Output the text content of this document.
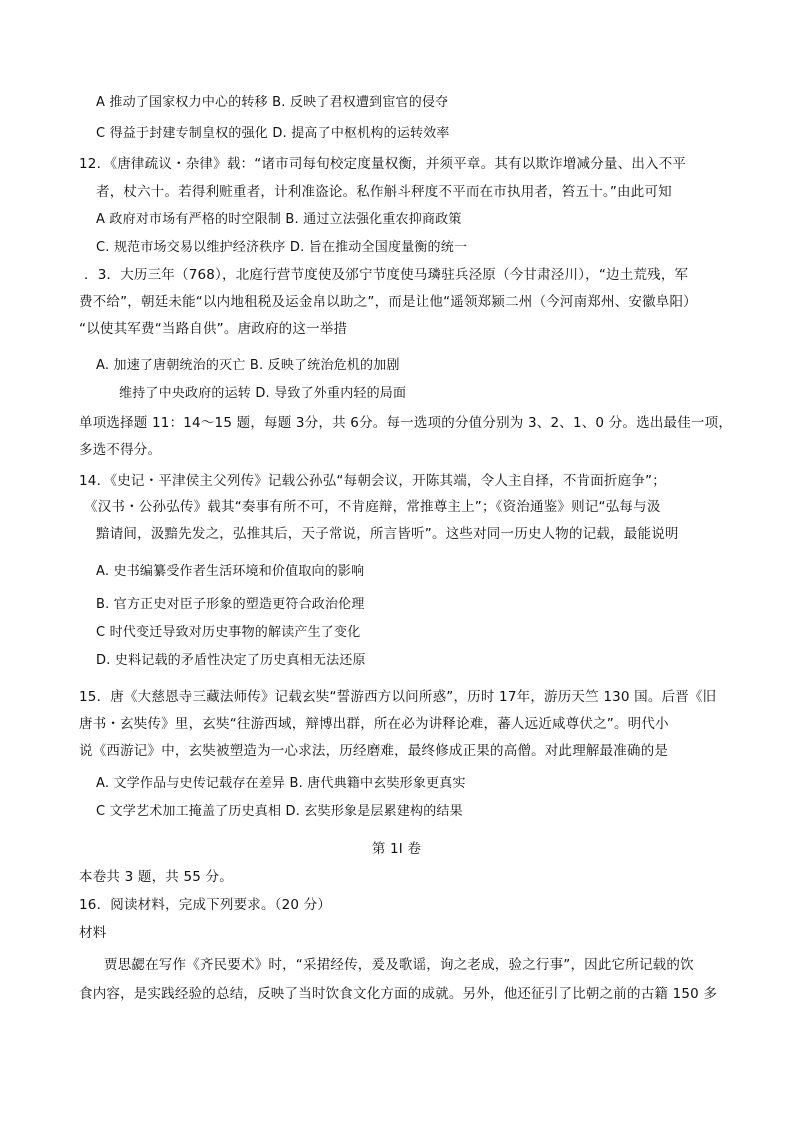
A 推动了国家权力中心的转移 B. 反映了君权遭到宦官的侵夺
C 得益于封建专制皇权的强化 D. 提高了中枢机构的运转效率
12．《唐律疏议・杂律》载：“诸市司每旬校定度量权衡，并须平章。其有以欺诈增减分量、出入不平
者，杖六十。若得利赃重者，计利准盗论。私作斛斗秤度不平而在市执用者，笞五十。”由此可知
A 政府对市场有严格的时空限制 B. 通过立法强化重农抑商政策
C. 规范市场交易以维护经济秩序 D. 旨在推动全国度量衡的统一
．3．大历三年（768），北庭行营节度使及邠宁节度使马璘驻兵泾原（今甘肃泾川），“边土荒残，军
费不给”，朝廷未能“以内地租税及运金帛以助之”，而是让他“遥领郑颍二州（今河南郑州、安徽阜阳）
“以使其军费“当路自供”。唐政府的这一举措
A. 加速了唐朝统治的灭亡 B. 反映了统治危机的加剧
维持了中央政府的运转 D. 导致了外重内轻的局面
单项选择题 11：14～15 题，每题 3分，共 6分。每一选项的分值分别为 3、2、1、0 分。选出最佳一项，
多选不得分。
14．《史记・平津侯主父列传》记载公孙弘“每朝会议，开陈其端，令人主自择，不肯面折庭争”；
《汉书・公孙弘传》载其“奏事有所不可，不肯庭辩，常推尊主上”；《资治通鉴》则记“弘每与汲
黯请间，汲黯先发之，弘推其后，天子常说，所言皆听”。这些对同一历史人物的记载，最能说明
A. 史书编纂受作者生活环境和价值取向的影响
B. 官方正史对臣子形象的塑造更符合政治伦理
C 时代变迁导致对历史事物的解读产生了变化
D. 史料记载的矛盾性决定了历史真相无法还原
15．唐《大慈恩寺三藏法师传》记载玄奘“誓游西方以问所惑”，历时 17年，游历天竺 130 国。后晋《旧
唐书・玄奘传》里，玄奘“往游西域，辩博出群，所在必为讲释论难，蕃人远近咸尊伏之”。明代小
说《西游记》中，玄奘被塑造为一心求法，历经磨难，最终修成正果的高僧。对此理解最准确的是
A. 文学作品与史传记载存在差异 B. 唐代典籍中玄奘形象更真实
C 文学艺术加工掩盖了历史真相 D. 玄奘形象是层累建构的结果
第 1I 卷
本卷共 3 题，共 55 分。
16．阅读材料，完成下列要求。（20 分）
材料
贾思勰在写作《齐民要术》时，“采捃经传，爰及歌谣，询之老成，验之行事”，因此它所记载的饮
食内容，是实践经验的总结，反映了当时饮食文化方面的成就。另外，他还征引了比朝之前的古籍 150 多
